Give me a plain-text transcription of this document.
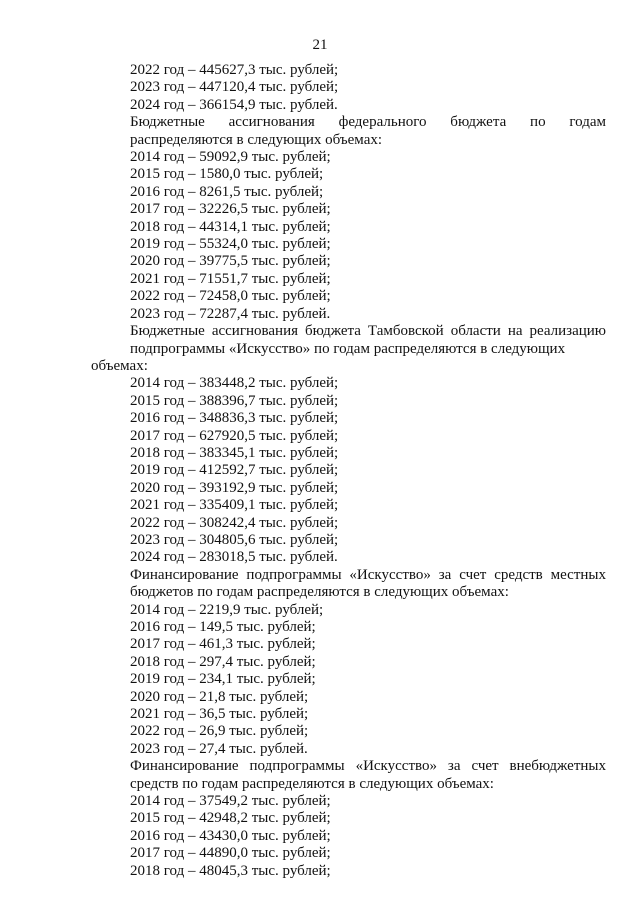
21
2022 год – 445627,3 тыс. рублей;
2023 год – 447120,4 тыс. рублей;
2024 год – 366154,9 тыс. рублей.
Бюджетные ассигнования федерального бюджета по годам
распределяются в следующих объемах:
2014 год – 59092,9 тыс. рублей;
2015 год – 1580,0 тыс. рублей;
2016 год – 8261,5 тыс. рублей;
2017 год – 32226,5 тыс. рублей;
2018 год – 44314,1 тыс. рублей;
2019 год – 55324,0 тыс. рублей;
2020 год – 39775,5 тыс. рублей;
2021 год – 71551,7 тыс. рублей;
2022 год – 72458,0 тыс. рублей;
2023 год – 72287,4 тыс. рублей.
Бюджетные ассигнования бюджета Тамбовской области на реализацию
подпрограммы «Искусство» по годам распределяются в следующих объемах:
2014 год – 383448,2 тыс. рублей;
2015 год – 388396,7 тыс. рублей;
2016 год – 348836,3 тыс. рублей;
2017 год – 627920,5 тыс. рублей;
2018 год – 383345,1 тыс. рублей;
2019 год – 412592,7 тыс. рублей;
2020 год – 393192,9 тыс. рублей;
2021 год – 335409,1 тыс. рублей;
2022 год – 308242,4 тыс. рублей;
2023 год – 304805,6 тыс. рублей;
2024 год – 283018,5 тыс. рублей.
Финансирование подпрограммы «Искусство» за счет средств местных
бюджетов по годам распределяются в следующих объемах:
2014 год – 2219,9 тыс. рублей;
2016 год – 149,5 тыс. рублей;
2017 год – 461,3 тыс. рублей;
2018 год – 297,4 тыс. рублей;
2019 год – 234,1 тыс. рублей;
2020 год – 21,8 тыс. рублей;
2021 год – 36,5 тыс. рублей;
2022 год – 26,9 тыс. рублей;
2023 год – 27,4 тыс. рублей.
Финансирование подпрограммы «Искусство» за счет внебюджетных
средств по годам распределяются в следующих объемах:
2014 год – 37549,2 тыс. рублей;
2015 год – 42948,2 тыс. рублей;
2016 год – 43430,0 тыс. рублей;
2017 год – 44890,0 тыс. рублей;
2018 год – 48045,3 тыс. рублей;
